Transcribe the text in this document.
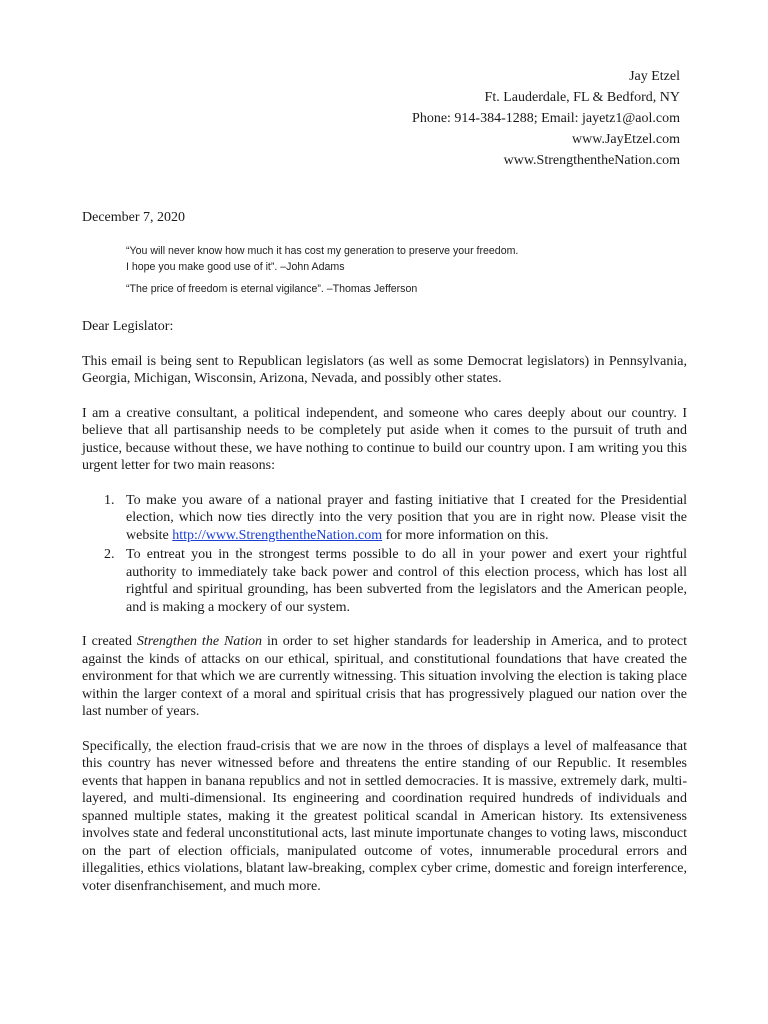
Jay Etzel
Ft. Lauderdale, FL & Bedford, NY
Phone: 914-384-1288; Email: jayetz1@aol.com
www.JayEtzel.com
www.StrengthentheNation.com
December 7, 2020
“You will never know how much it has cost my generation to preserve your freedom.
I hope you make good use of it”. –John Adams
“The price of freedom is eternal vigilance”. –Thomas Jefferson

Dear Legislator:

This email is being sent to Republican legislators (as well as some Democrat legislators) in Pennsylvania, Georgia, Michigan, Wisconsin, Arizona, Nevada, and possibly other states.

I am a creative consultant, a political independent, and someone who cares deeply about our country. I believe that all partisanship needs to be completely put aside when it comes to the pursuit of truth and justice, because without these, we have nothing to continue to build our country upon. I am writing you this urgent letter for two main reasons:

1. To make you aware of a national prayer and fasting initiative that I created for the Presidential election, which now ties directly into the very position that you are in right now. Please visit the website http://www.StrengthentheNation.com for more information on this.
2. To entreat you in the strongest terms possible to do all in your power and exert your rightful authority to immediately take back power and control of this election process, which has lost all rightful and spiritual grounding, has been subverted from the legislators and the American people, and is making a mockery of our system.

I created Strengthen the Nation in order to set higher standards for leadership in America, and to protect against the kinds of attacks on our ethical, spiritual, and constitutional foundations that have created the environment for that which we are currently witnessing. This situation involving the election is taking place within the larger context of a moral and spiritual crisis that has progressively plagued our nation over the last number of years.

Specifically, the election fraud-crisis that we are now in the throes of displays a level of malfeasance that this country has never witnessed before and threatens the entire standing of our Republic. It resembles events that happen in banana republics and not in settled democracies. It is massive, extremely dark, multi-layered, and multi-dimensional. Its engineering and coordination required hundreds of individuals and spanned multiple states, making it the greatest political scandal in American history. Its extensiveness involves state and federal unconstitutional acts, last minute importunate changes to voting laws, misconduct on the part of election officials, manipulated outcome of votes, innumerable procedural errors and illegalities, ethics violations, blatant law-breaking, complex cyber crime, domestic and foreign interference, voter disenfranchisement, and much more.
